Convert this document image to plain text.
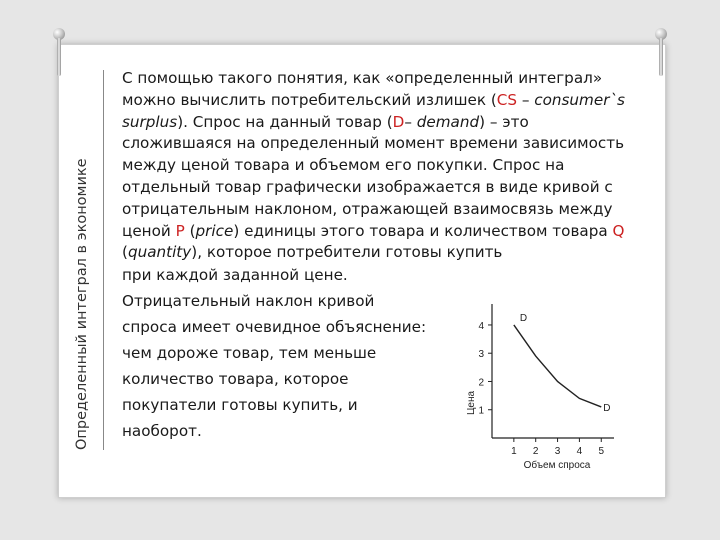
Определенный интеграл в экономике

С помощью такого понятия, как «определенный интеграл» можно вычислить потребительский излишек (CS – consumer`s surplus). Спрос на данный товар (D– demand) – это сложившаяся на определенный момент времени зависимость между ценой товара и объемом его покупки. Спрос на отдельный товар графически изображается в виде кривой с отрицательным наклоном, отражающей взаимосвязь между ценой P (price) единицы этого товара и количеством товара Q (quantity), которое потребители готовы купить

при каждой заданной цене.

Отрицательный наклон кривой

спроса имеет очевидное объяснение:

чем дороже товар, тем меньше

количество товара, которое

покупатели готовы купить, и

наоборот.

1
2
3
4
1 2 3 4 5
Объем спроса
Цена
D
D
